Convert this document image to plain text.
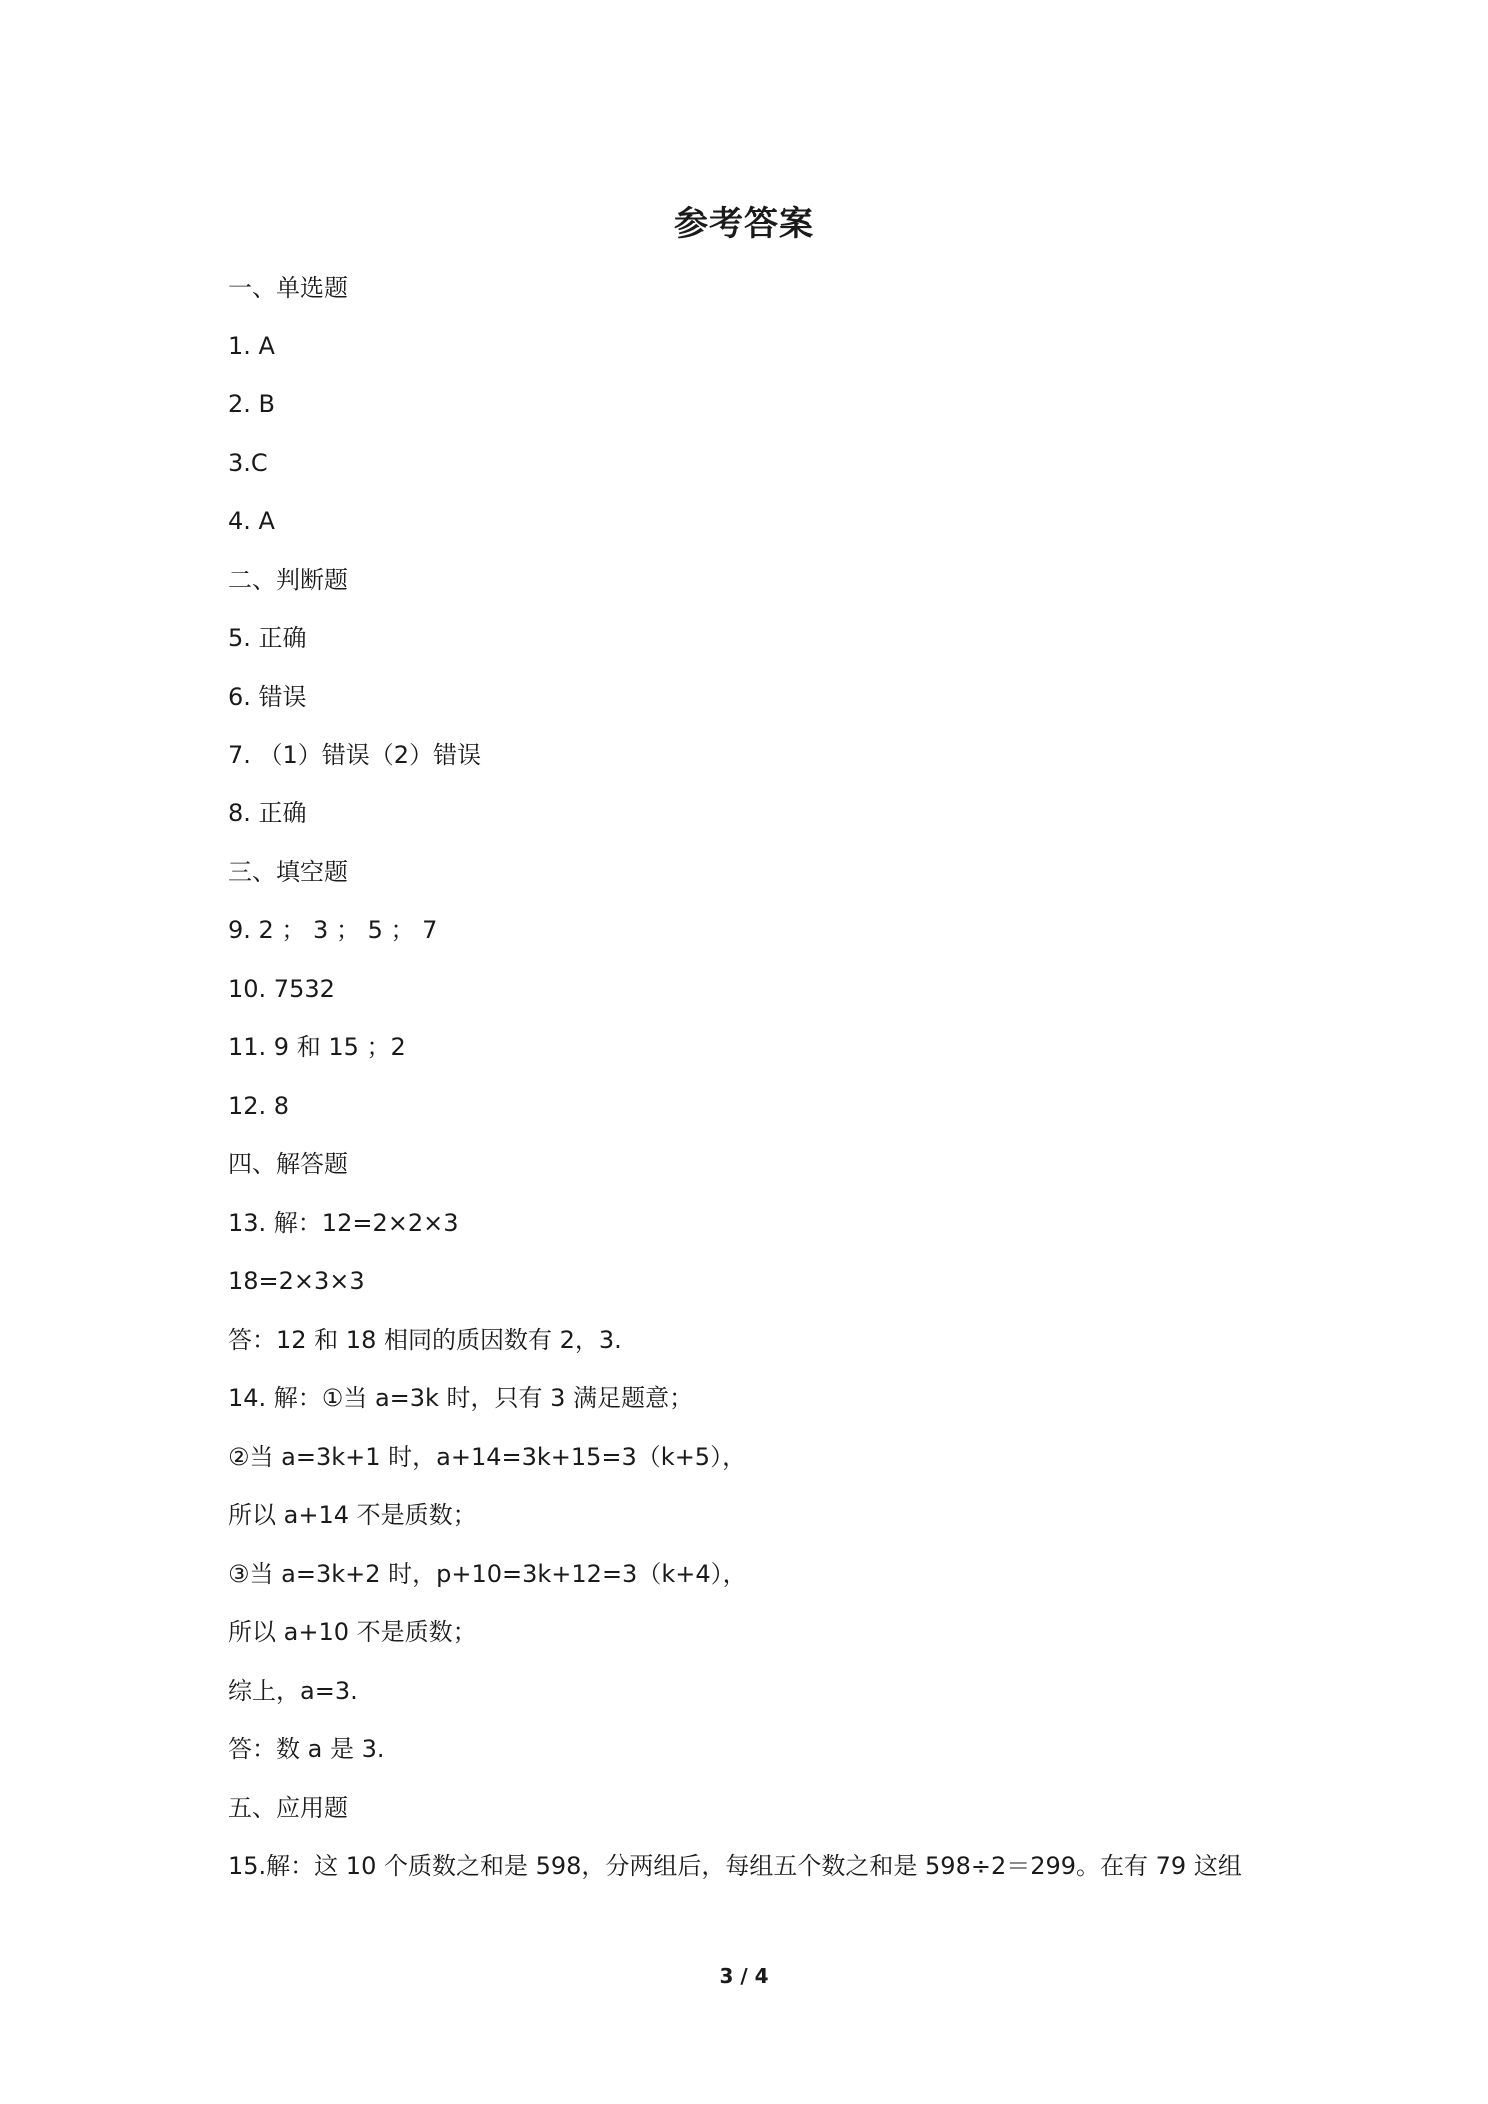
参考答案
一、单选题
1. A
2. B
3.C
4. A
二、判断题
5. 正确
6. 错误
7. （1）错误（2）错误
8. 正确
三、填空题
9. 2 ； 3 ； 5 ； 7
10. 7532
11. 9 和 15 ；2
12. 8
四、解答题
13. 解：12=2×2×3
18=2×3×3
答：12 和 18 相同的质因数有 2，3.
14. 解：①当 a=3k 时，只有 3 满足题意；
②当 a=3k+1 时，a+14=3k+15=3（k+5），
所以 a+14 不是质数；
③当 a=3k+2 时，p+10=3k+12=3（k+4），
所以 a+10 不是质数；
综上，a=3.
答：数 a 是 3.
五、应用题
15.解：这 10 个质数之和是 598，分两组后，每组五个数之和是 598÷2＝299。在有 79 这组
3 / 4
